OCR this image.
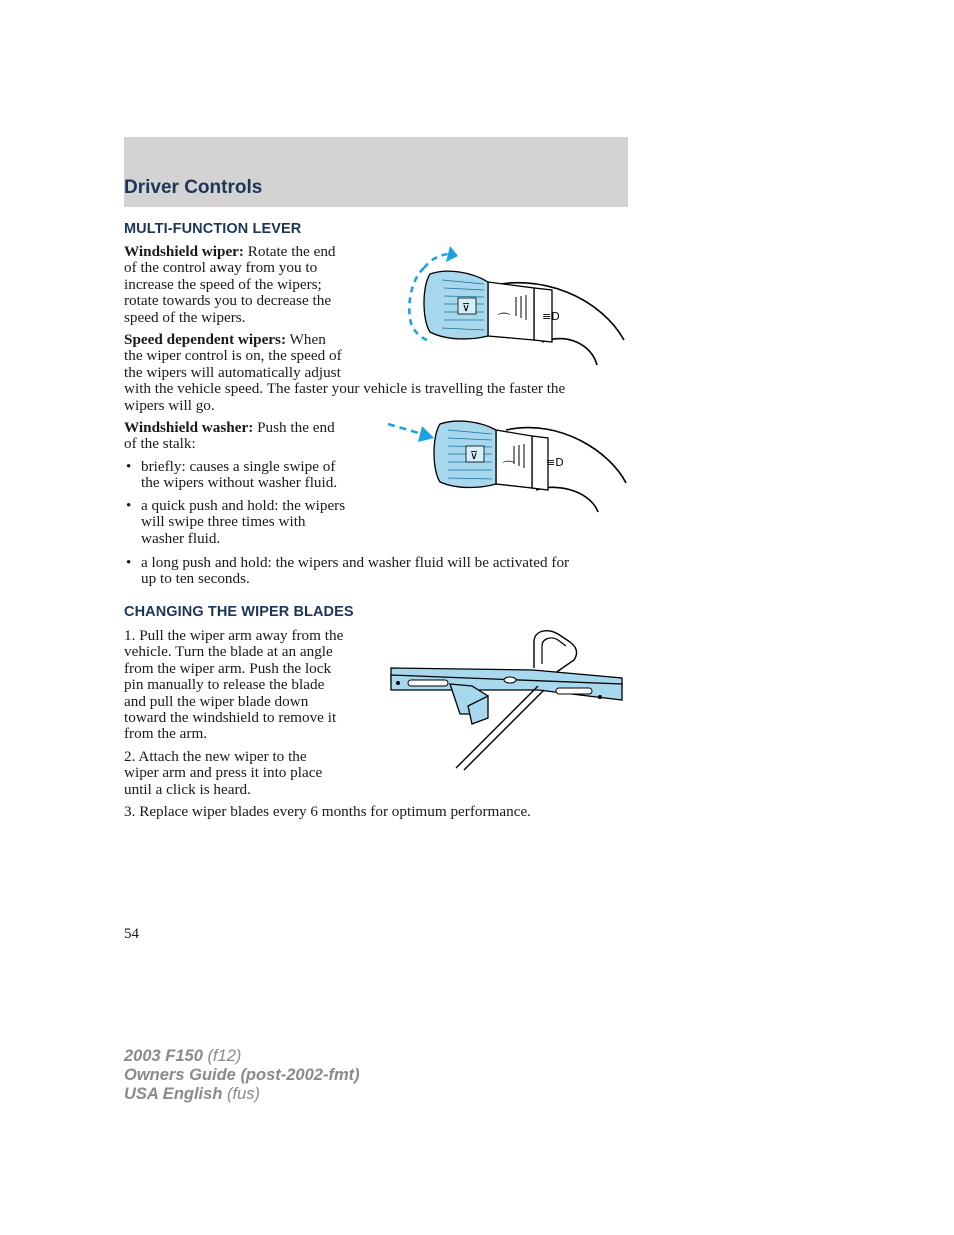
Driver Controls
MULTI-FUNCTION LEVER
Windshield wiper: Rotate the end
of the control away from you to
increase the speed of the wipers;
rotate towards you to decrease the
speed of the wipers.
Speed dependent wipers: When
the wiper control is on, the speed of
the wipers will automatically adjust
with the vehicle speed. The faster your vehicle is travelling the faster the
wipers will go.
Windshield washer: Push the end
of the stalk:
• briefly: causes a single swipe of
the wipers without washer fluid.
• a quick push and hold: the wipers
will swipe three times with
washer fluid.
• a long push and hold: the wipers and washer fluid will be activated for
up to ten seconds.
CHANGING THE WIPER BLADES
1. Pull the wiper arm away from the
vehicle. Turn the blade at an angle
from the wiper arm. Push the lock
pin manually to release the blade
and pull the wiper blade down
toward the windshield to remove it
from the arm.
2. Attach the new wiper to the
wiper arm and press it into place
until a click is heard.
3. Replace wiper blades every 6 months for optimum performance.
⌒
⊽
≡D
⌒
⊽
≡D
54
2003 F150 (f12)
Owners Guide (post-2002-fmt)
USA English (fus)
